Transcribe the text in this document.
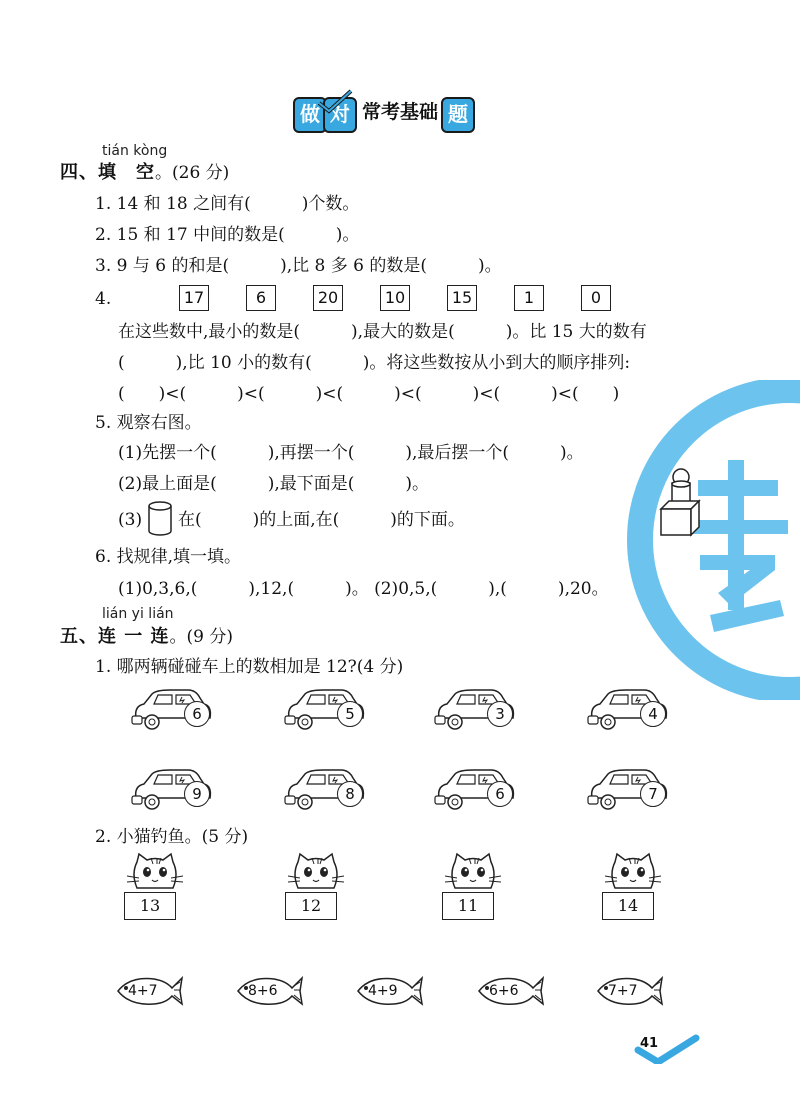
做 对 常考基础 题
tián kòng
四、填　空。(26 分)
1. 14 和 18 之间有(　　　)个数。
2. 15 和 17 中间的数是(　　　)。
3. 9 与 6 的和是(　　　),比 8 多 6 的数是(　　　)。
4.	17	6	20	10	15	1	0
在这些数中,最小的数是(　　　),最大的数是(　　　)。比 15 大的数有
(　　　),比 10 小的数有(　　　)。将这些数按从小到大的顺序排列:
(　　)<(　　　)<(　　　)<(　　　)<(　　　)<(　　　)<(　　)
5. 观察右图。
(1)先摆一个(　　　),再摆一个(　　　),最后摆一个(　　　)。
(2)最上面是(　　　),最下面是(　　　)。
(3) 在(　　　)的上面,在(　　　)的下面。
6. 找规律,填一填。
(1)0,3,6,(　　　),12,(　　　)。 (2)0,5,(　　　),(　　　),20。
lián yi lián
五、连 一 连。(9 分)
1. 哪两辆碰碰车上的数相加是 12?(4 分)
6	5	3	4
9	8	6	7
2. 小猫钓鱼。(5 分)
13	12	11	14
4+7	8+6	4+9	6+6	7+7
41
